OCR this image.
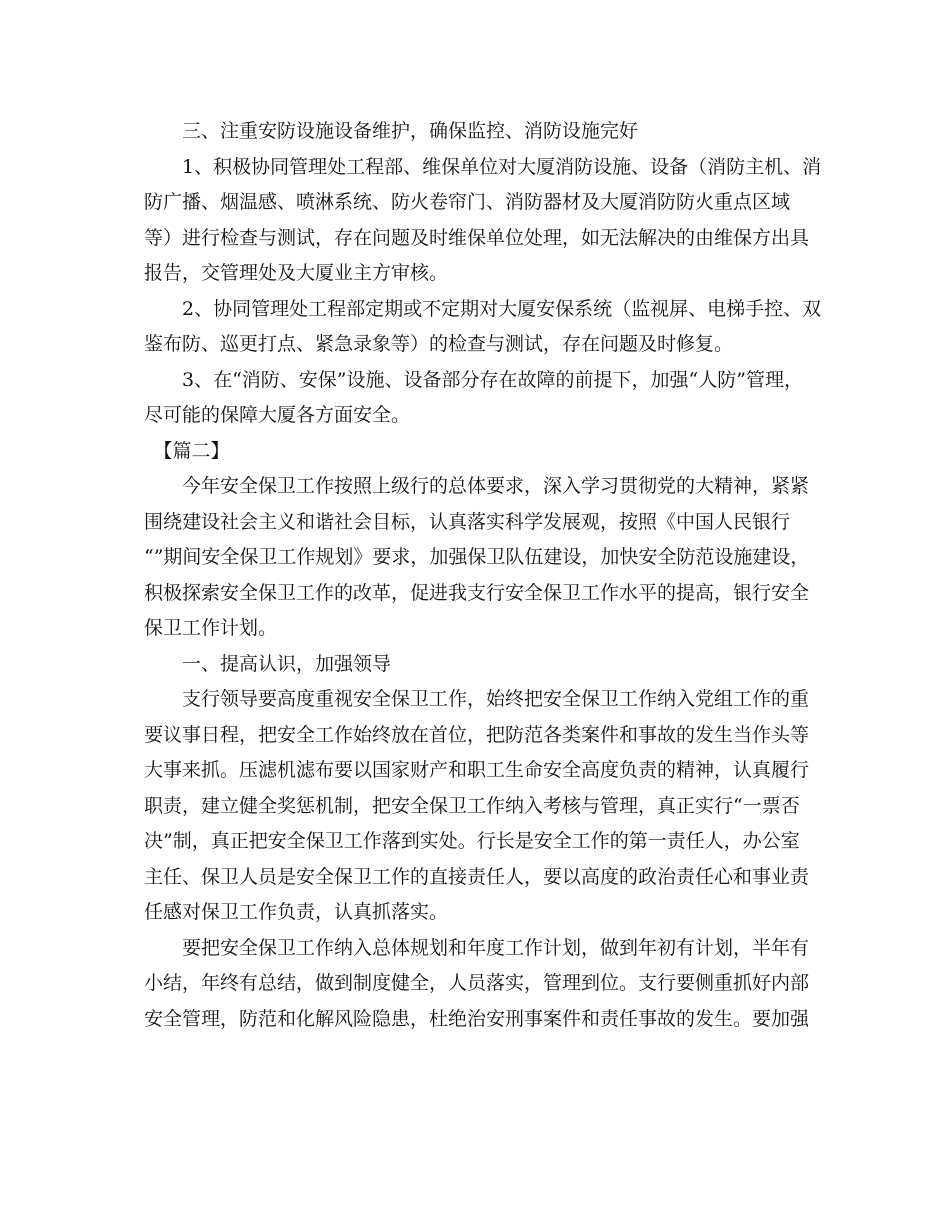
　　三、注重安防设施设备维护，确保监控、消防设施完好
　　1、积极协同管理处工程部、维保单位对大厦消防设施、设备（消防主机、消
防广播、烟温感、喷淋系统、防火卷帘门、消防器材及大厦消防防火重点区域
等）进行检查与测试，存在问题及时维保单位处理，如无法解决的由维保方出具
报告，交管理处及大厦业主方审核。
　　2、协同管理处工程部定期或不定期对大厦安保系统（监视屏、电梯手控、双
鉴布防、巡更打点、紧急录象等）的检查与测试，存在问题及时修复。
　　3、在“消防、安保”设施、设备部分存在故障的前提下，加强“人防”管理，
尽可能的保障大厦各方面安全。
　【篇二】
　　今年安全保卫工作按照上级行的总体要求，深入学习贯彻党的大精神，紧紧
围绕建设社会主义和谐社会目标，认真落实科学发展观，按照《中国人民银行
“”期间安全保卫工作规划》要求，加强保卫队伍建设，加快安全防范设施建设，
积极探索安全保卫工作的改革，促进我支行安全保卫工作水平的提高，银行安全
保卫工作计划。
　　一、提高认识，加强领导
　　支行领导要高度重视安全保卫工作，始终把安全保卫工作纳入党组工作的重
要议事日程，把安全工作始终放在首位，把防范各类案件和事故的发生当作头等
大事来抓。压滤机滤布要以国家财产和职工生命安全高度负责的精神，认真履行
职责，建立健全奖惩机制，把安全保卫工作纳入考核与管理，真正实行“一票否
决”制，真正把安全保卫工作落到实处。行长是安全工作的第一责任人，办公室
主任、保卫人员是安全保卫工作的直接责任人，要以高度的政治责任心和事业责
任感对保卫工作负责，认真抓落实。
　　要把安全保卫工作纳入总体规划和年度工作计划，做到年初有计划，半年有
小结，年终有总结，做到制度健全，人员落实，管理到位。支行要侧重抓好内部
安全管理，防范和化解风险隐患，杜绝治安刑事案件和责任事故的发生。要加强
